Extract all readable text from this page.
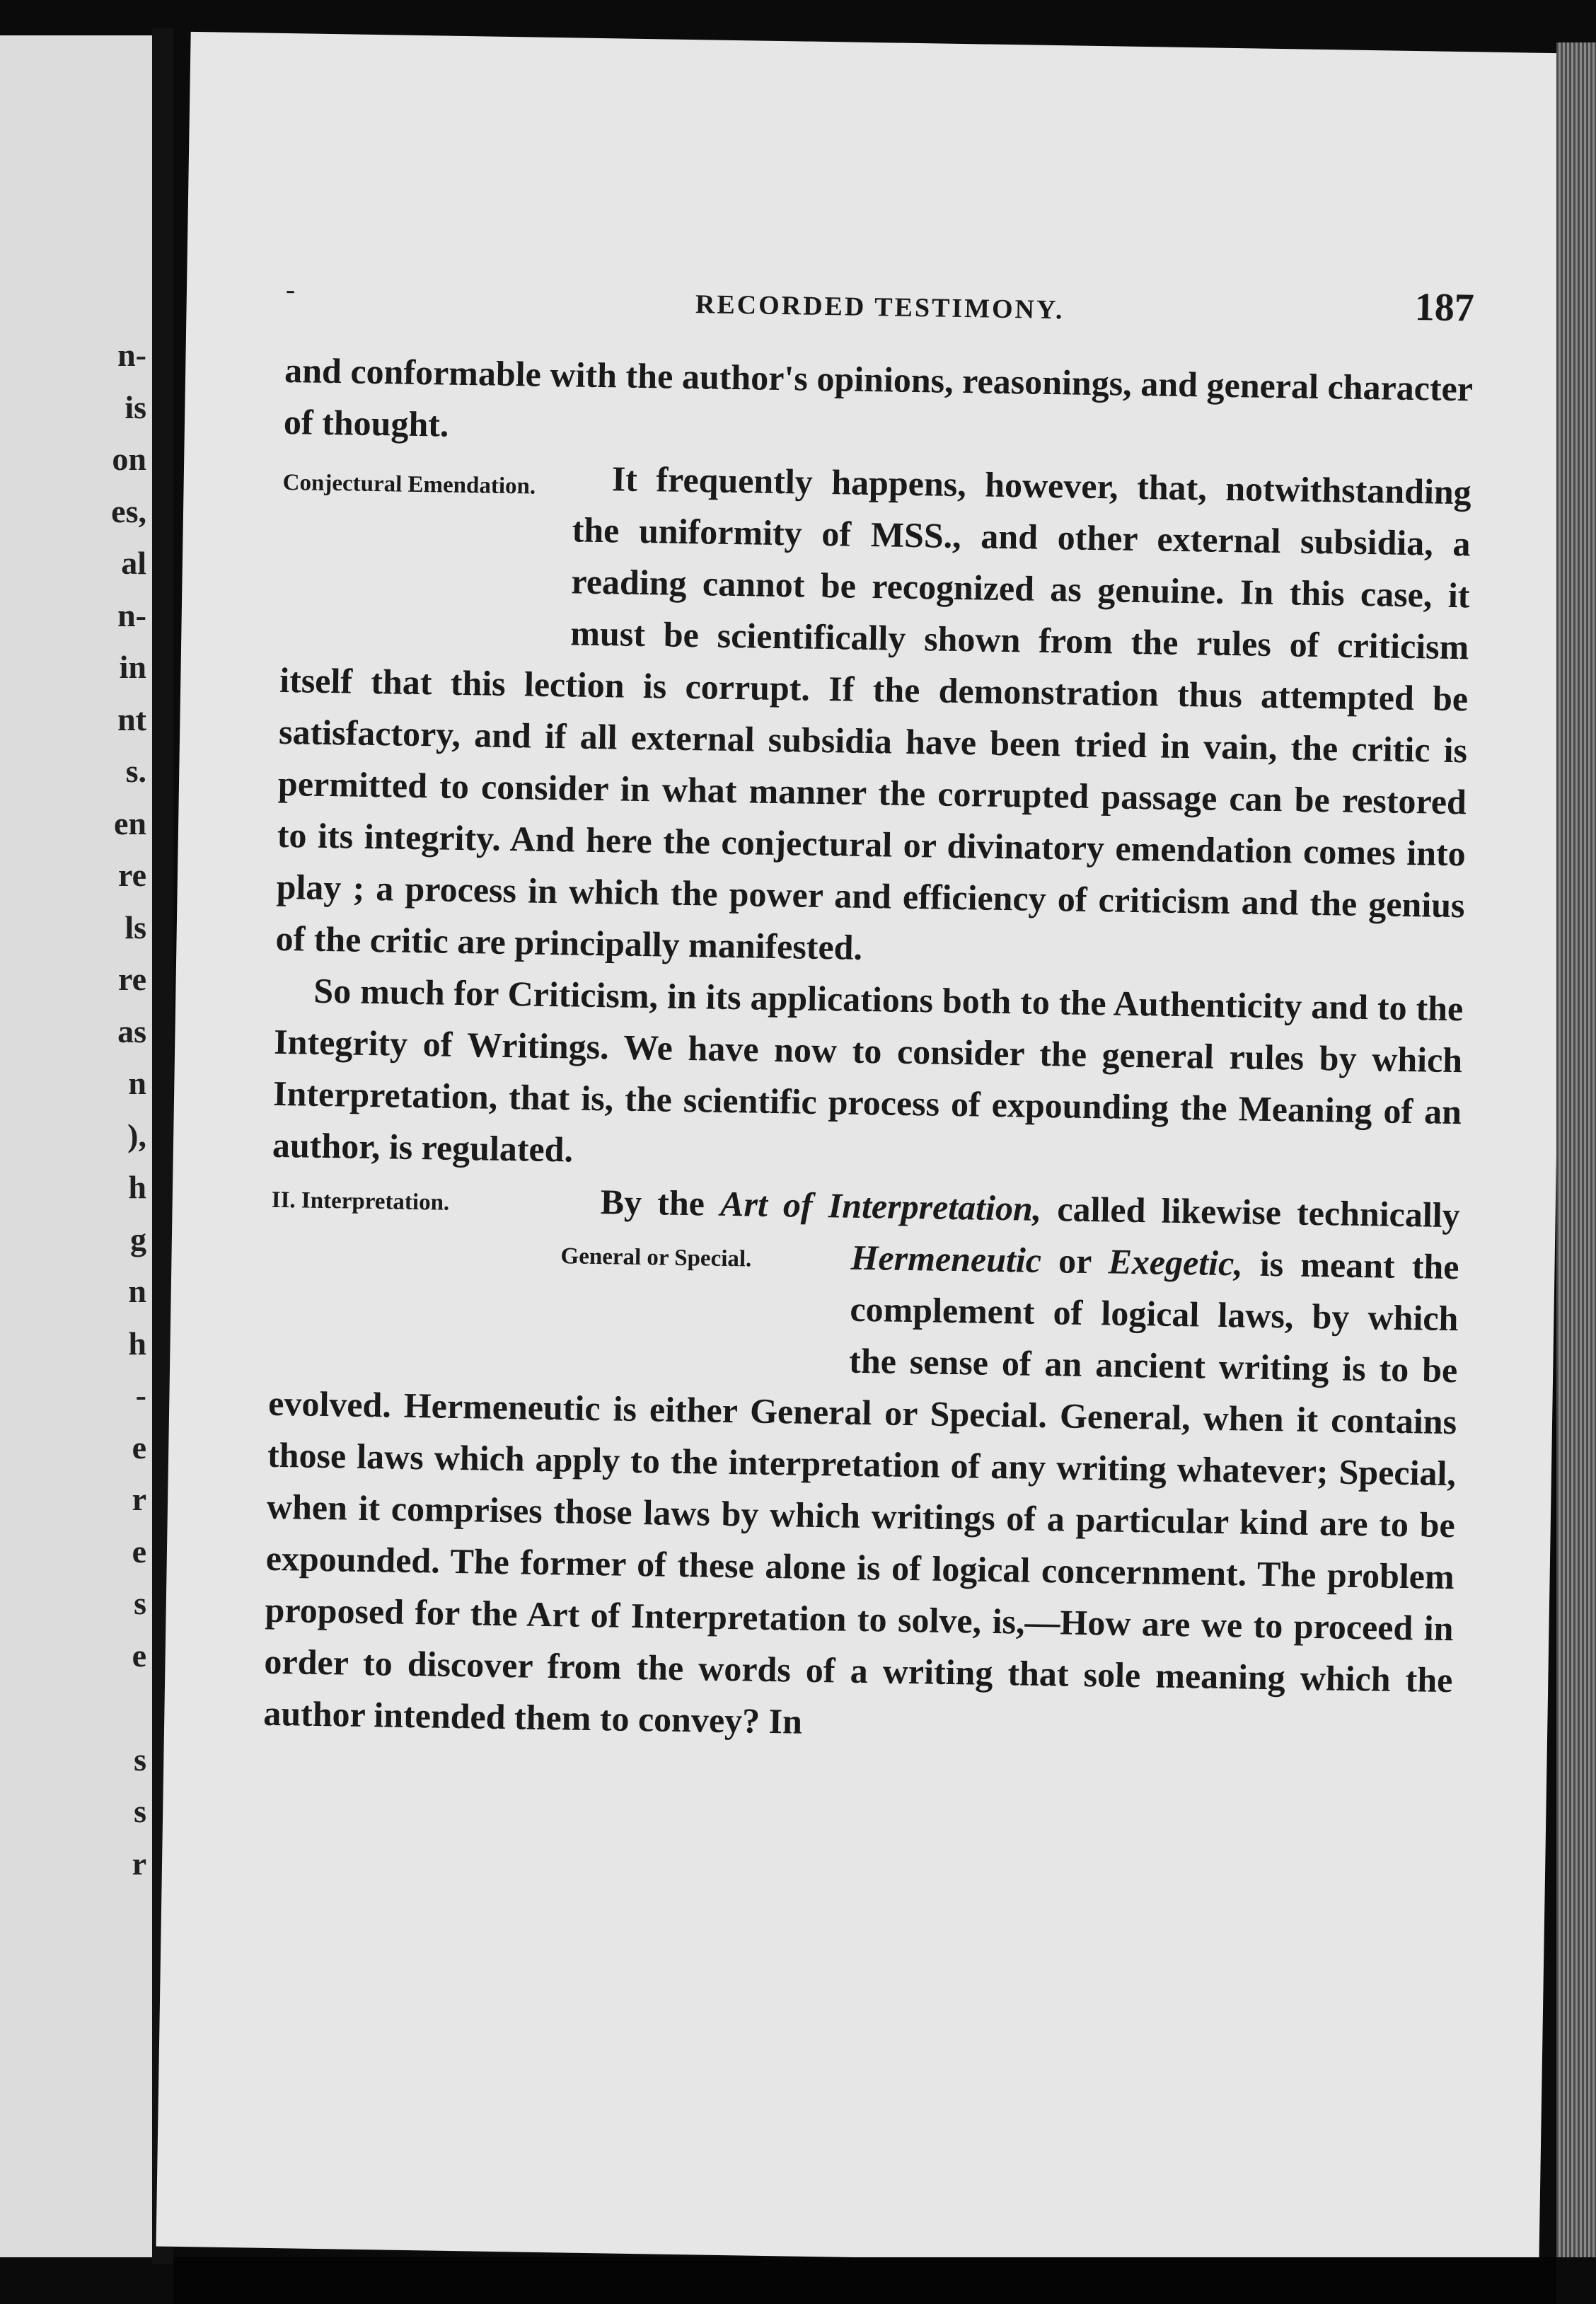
n-
is
on
es,
al
n-
in
nt
s.
en
re
ls
re
as
n
),
h
g
n
h
-
e
r
e
s
e
s
s
r
-
RECORDED TESTIMONY.	187

and conformable with the author's opinions, reasonings, and general character of thought.

Conjectural Emendation.	It frequently happens, however, that, notwithstanding the uniformity of MSS., and other external subsidia, a reading cannot be recognized as genuine. In this case, it must be scientifically shown from the rules of criticism itself that this lection is corrupt. If the demonstration thus attempted be satisfactory, and if all external subsidia have been tried in vain, the critic is permitted to consider in what manner the corrupted passage can be restored to its integrity. And here the conjectural or divinatory emendation comes into play ; a process in which the power and efficiency of criticism and the genius of the critic are principally manifested.

So much for Criticism, in its applications both to the Authenticity and to the Integrity of Writings. We have now to consider the general rules by which Interpretation, that is, the scientific process of expounding the Meaning of an author, is regulated.

II. Interpretation.	By the Art of Interpretation, called likewise technically Hermeneutic or Exegetic,
General or Special.	is meant the complement of logical laws, by which the sense of an ancient writing is to be evolved. Hermeneutic is either General or Special. General, when it contains those laws which apply to the interpretation of any writing whatever; Special, when it comprises those laws by which writings of a particular kind are to be expounded. The former of these alone is of logical concernment. The problem proposed for the Art of Interpretation to solve, is,—How are we to proceed in order to discover from the words of a writing that sole meaning which the author intended them to convey? In
